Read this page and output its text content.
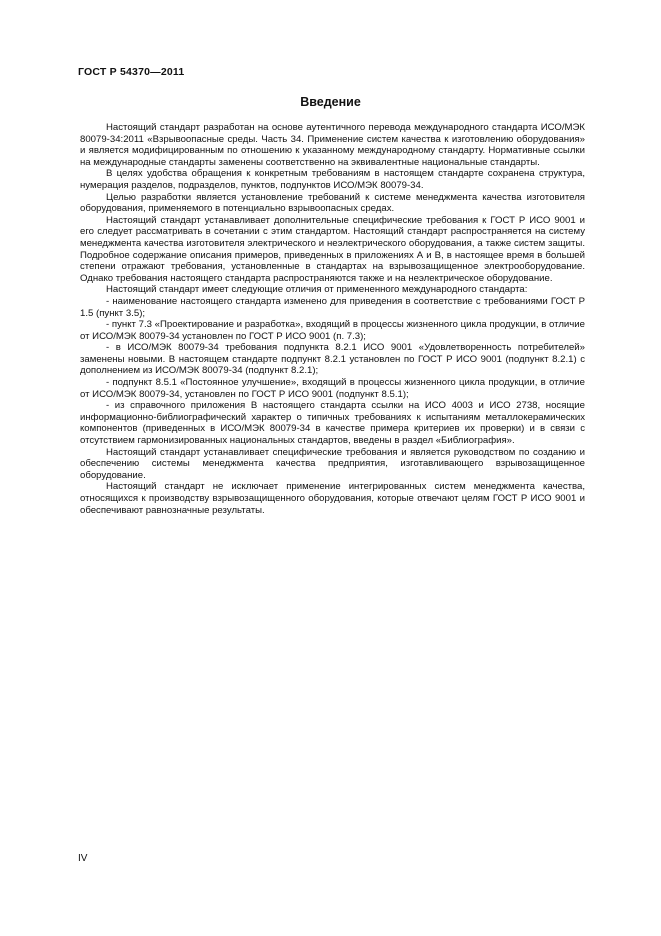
ГОСТ Р 54370—2011
Введение

Настоящий стандарт разработан на основе аутентичного перевода международного стандарта ИСО/МЭК 80079-34:2011 «Взрывоопасные среды. Часть 34. Применение систем качества к изготовлению оборудования» и является модифицированным по отношению к указанному международному стандарту. Нормативные ссылки на международные стандарты заменены соответственно на эквивалентные национальные стандарты.

В целях удобства обращения к конкретным требованиям в настоящем стандарте сохранена структура, нумерация разделов, подразделов, пунктов, подпунктов ИСО/МЭК 80079-34.

Целью разработки является установление требований к системе менеджмента качества изготовителя оборудования, применяемого в потенциально взрывоопасных средах.

Настоящий стандарт устанавливает дополнительные специфические требования к ГОСТ Р ИСО 9001 и его следует рассматривать в сочетании с этим стандартом. Настоящий стандарт распространяется на систему менеджмента качества изготовителя электрического и неэлектрического оборудования, а также систем защиты. Подробное содержание описания примеров, приведенных в приложениях А и В, в настоящее время в большей степени отражают требования, установленные в стандартах на взрывозащищенное электрооборудование. Однако требования настоящего стандарта распространяются также и на неэлектрическое оборудование.

Настоящий стандарт имеет следующие отличия от примененного международного стандарта:

- наименование настоящего стандарта изменено для приведения в соответствие с требованиями ГОСТ Р 1.5 (пункт 3.5);

- пункт 7.3 «Проектирование и разработка», входящий в процессы жизненного цикла продукции, в отличие от ИСО/МЭК 80079-34 установлен по ГОСТ Р ИСО 9001 (п. 7.3);

- в ИСО/МЭК 80079-34 требования подпункта 8.2.1 ИСО 9001 «Удовлетворенность потребителей» заменены новыми. В настоящем стандарте подпункт 8.2.1 установлен по ГОСТ Р ИСО 9001 (подпункт 8.2.1) с дополнением из ИСО/МЭК 80079-34 (подпункт 8.2.1);

- подпункт 8.5.1 «Постоянное улучшение», входящий в процессы жизненного цикла продукции, в отличие от ИСО/МЭК 80079-34, установлен по ГОСТ Р ИСО 9001 (подпункт 8.5.1);

- из справочного приложения В настоящего стандарта ссылки на ИСО 4003 и ИСО 2738, носящие информационно-библиографический характер о типичных требованиях к испытаниям металлокерамических компонентов (приведенных в ИСО/МЭК 80079-34 в качестве примера критериев их проверки) и в связи с отсутствием гармонизированных национальных стандартов, введены в раздел «Библиография».

Настоящий стандарт устанавливает специфические требования и является руководством по созданию и обеспечению системы менеджмента качества предприятия, изготавливающего взрывозащищенное оборудование.

Настоящий стандарт не исключает применение интегрированных систем менеджмента качества, относящихся к производству взрывозащищенного оборудования, которые отвечают целям ГОСТ Р ИСО 9001 и обеспечивают равнозначные результаты.

IV
